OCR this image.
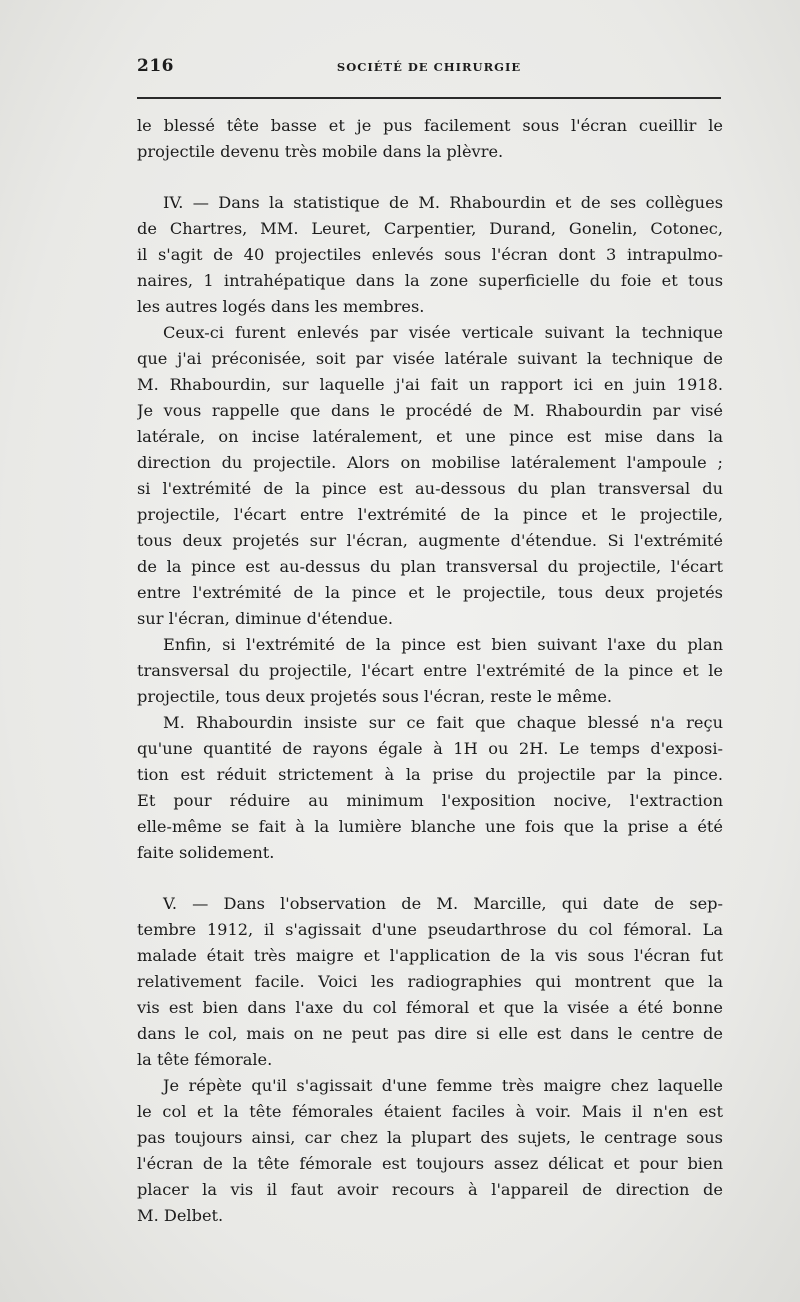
216	SOCIÉTÉ DE CHIRURGIE
le blessé tête basse et je pus facilement sous l'écran cueillir le
projectile devenu très mobile dans la plèvre.
IV. — Dans la statistique de M. Rhabourdin et de ses collègues
de Chartres, MM. Leuret, Carpentier, Durand, Gonelin, Cotonec,
il s'agit de 40 projectiles enlevés sous l'écran dont 3 intrapulmo-
naires, 1 intrahépatique dans la zone superficielle du foie et tous
les autres logés dans les membres.
Ceux-ci furent enlevés par visée verticale suivant la technique
que j'ai préconisée, soit par visée latérale suivant la technique de
M. Rhabourdin, sur laquelle j'ai fait un rapport ici en juin 1918.
Je vous rappelle que dans le procédé de M. Rhabourdin par visé
latérale, on incise latéralement, et une pince est mise dans la
direction du projectile. Alors on mobilise latéralement l'ampoule ;
si l'extrémité de la pince est au-dessous du plan transversal du
projectile, l'écart entre l'extrémité de la pince et le projectile,
tous deux projetés sur l'écran, augmente d'étendue. Si l'extrémité
de la pince est au-dessus du plan transversal du projectile, l'écart
entre l'extrémité de la pince et le projectile, tous deux projetés
sur l'écran, diminue d'étendue.
Enfin, si l'extrémité de la pince est bien suivant l'axe du plan
transversal du projectile, l'écart entre l'extrémité de la pince et le
projectile, tous deux projetés sous l'écran, reste le même.
M. Rhabourdin insiste sur ce fait que chaque blessé n'a reçu
qu'une quantité de rayons égale à 1H ou 2H. Le temps d'exposi-
tion est réduit strictement à la prise du projectile par la pince.
Et pour réduire au minimum l'exposition nocive, l'extraction
elle-même se fait à la lumière blanche une fois que la prise a été
faite solidement.
V. — Dans l'observation de M. Marcille, qui date de sep-
tembre 1912, il s'agissait d'une pseudarthrose du col fémoral. La
malade était très maigre et l'application de la vis sous l'écran fut
relativement facile. Voici les radiographies qui montrent que la
vis est bien dans l'axe du col fémoral et que la visée a été bonne
dans le col, mais on ne peut pas dire si elle est dans le centre de
la tête fémorale.
Je répète qu'il s'agissait d'une femme très maigre chez laquelle
le col et la tête fémorales étaient faciles à voir. Mais il n'en est
pas toujours ainsi, car chez la plupart des sujets, le centrage sous
l'écran de la tête fémorale est toujours assez délicat et pour bien
placer la vis il faut avoir recours à l'appareil de direction de
M. Delbet.
